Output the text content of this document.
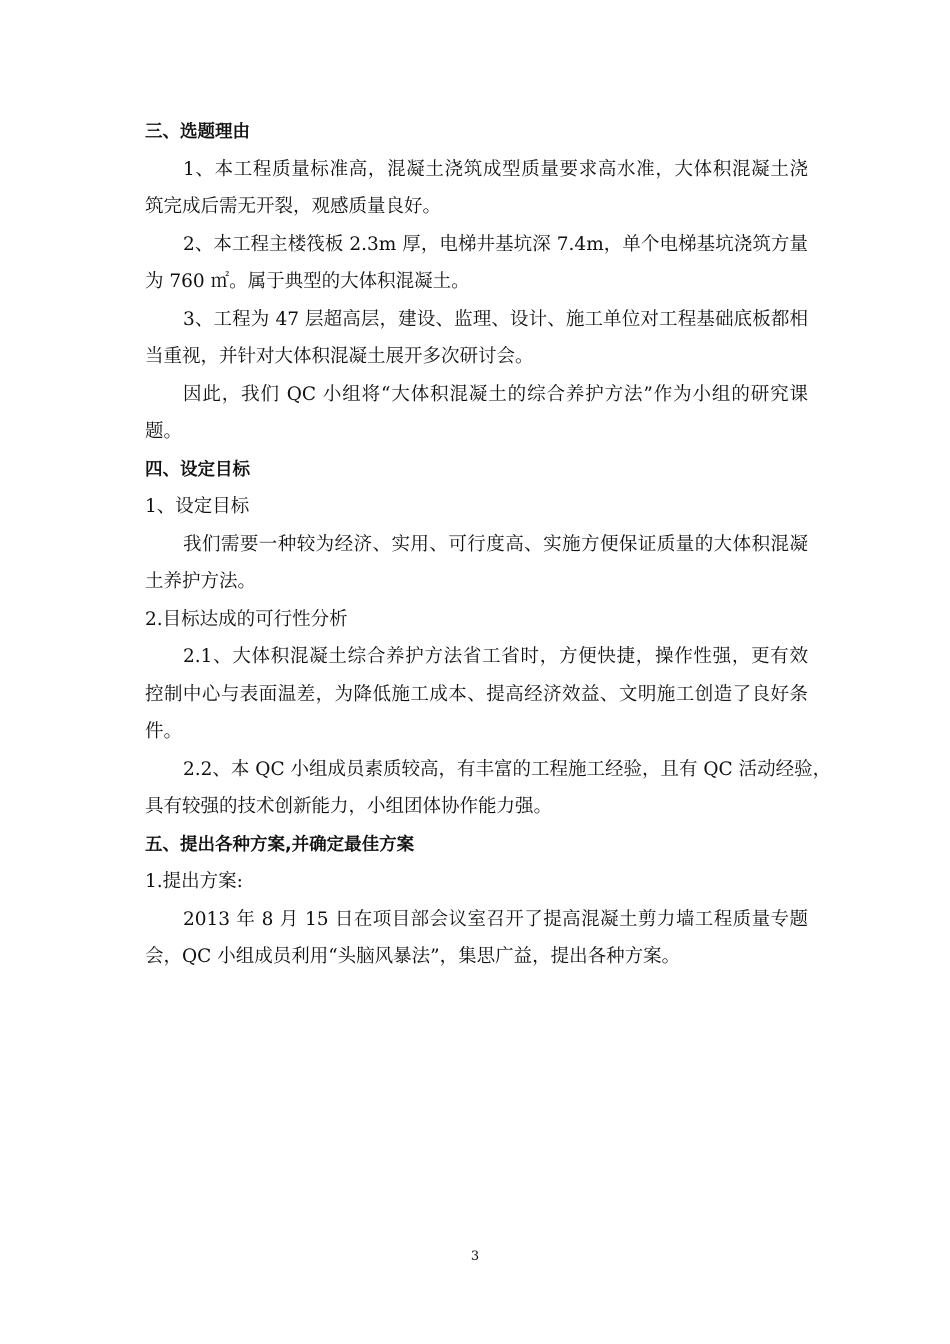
三、选题理由
1、本工程质量标准高，混凝土浇筑成型质量要求高水准，大体积混凝土浇
筑完成后需无开裂，观感质量良好。
2、本工程主楼筏板 2.3m 厚，电梯井基坑深 7.4m，单个电梯基坑浇筑方量
为 760 ㎡。属于典型的大体积混凝土。
3、工程为 47 层超高层，建设、监理、设计、施工单位对工程基础底板都相
当重视，并针对大体积混凝土展开多次研讨会。
因此，我们 QC 小组将“大体积混凝土的综合养护方法”作为小组的研究课
题。
四、设定目标
1、设定目标
我们需要一种较为经济、实用、可行度高、实施方便保证质量的大体积混凝
土养护方法。
2.目标达成的可行性分析
2.1、大体积混凝土综合养护方法省工省时，方便快捷，操作性强，更有效
控制中心与表面温差，为降低施工成本、提高经济效益、文明施工创造了良好条
件。
2.2、本 QC 小组成员素质较高，有丰富的工程施工经验，且有 QC 活动经验，
具有较强的技术创新能力，小组团体协作能力强。
五、提出各种方案,并确定最佳方案
1.提出方案:
2013 年 8 月 15 日在项目部会议室召开了提高混凝土剪力墙工程质量专题
会，QC 小组成员利用“头脑风暴法”，集思广益，提出各种方案。
3
